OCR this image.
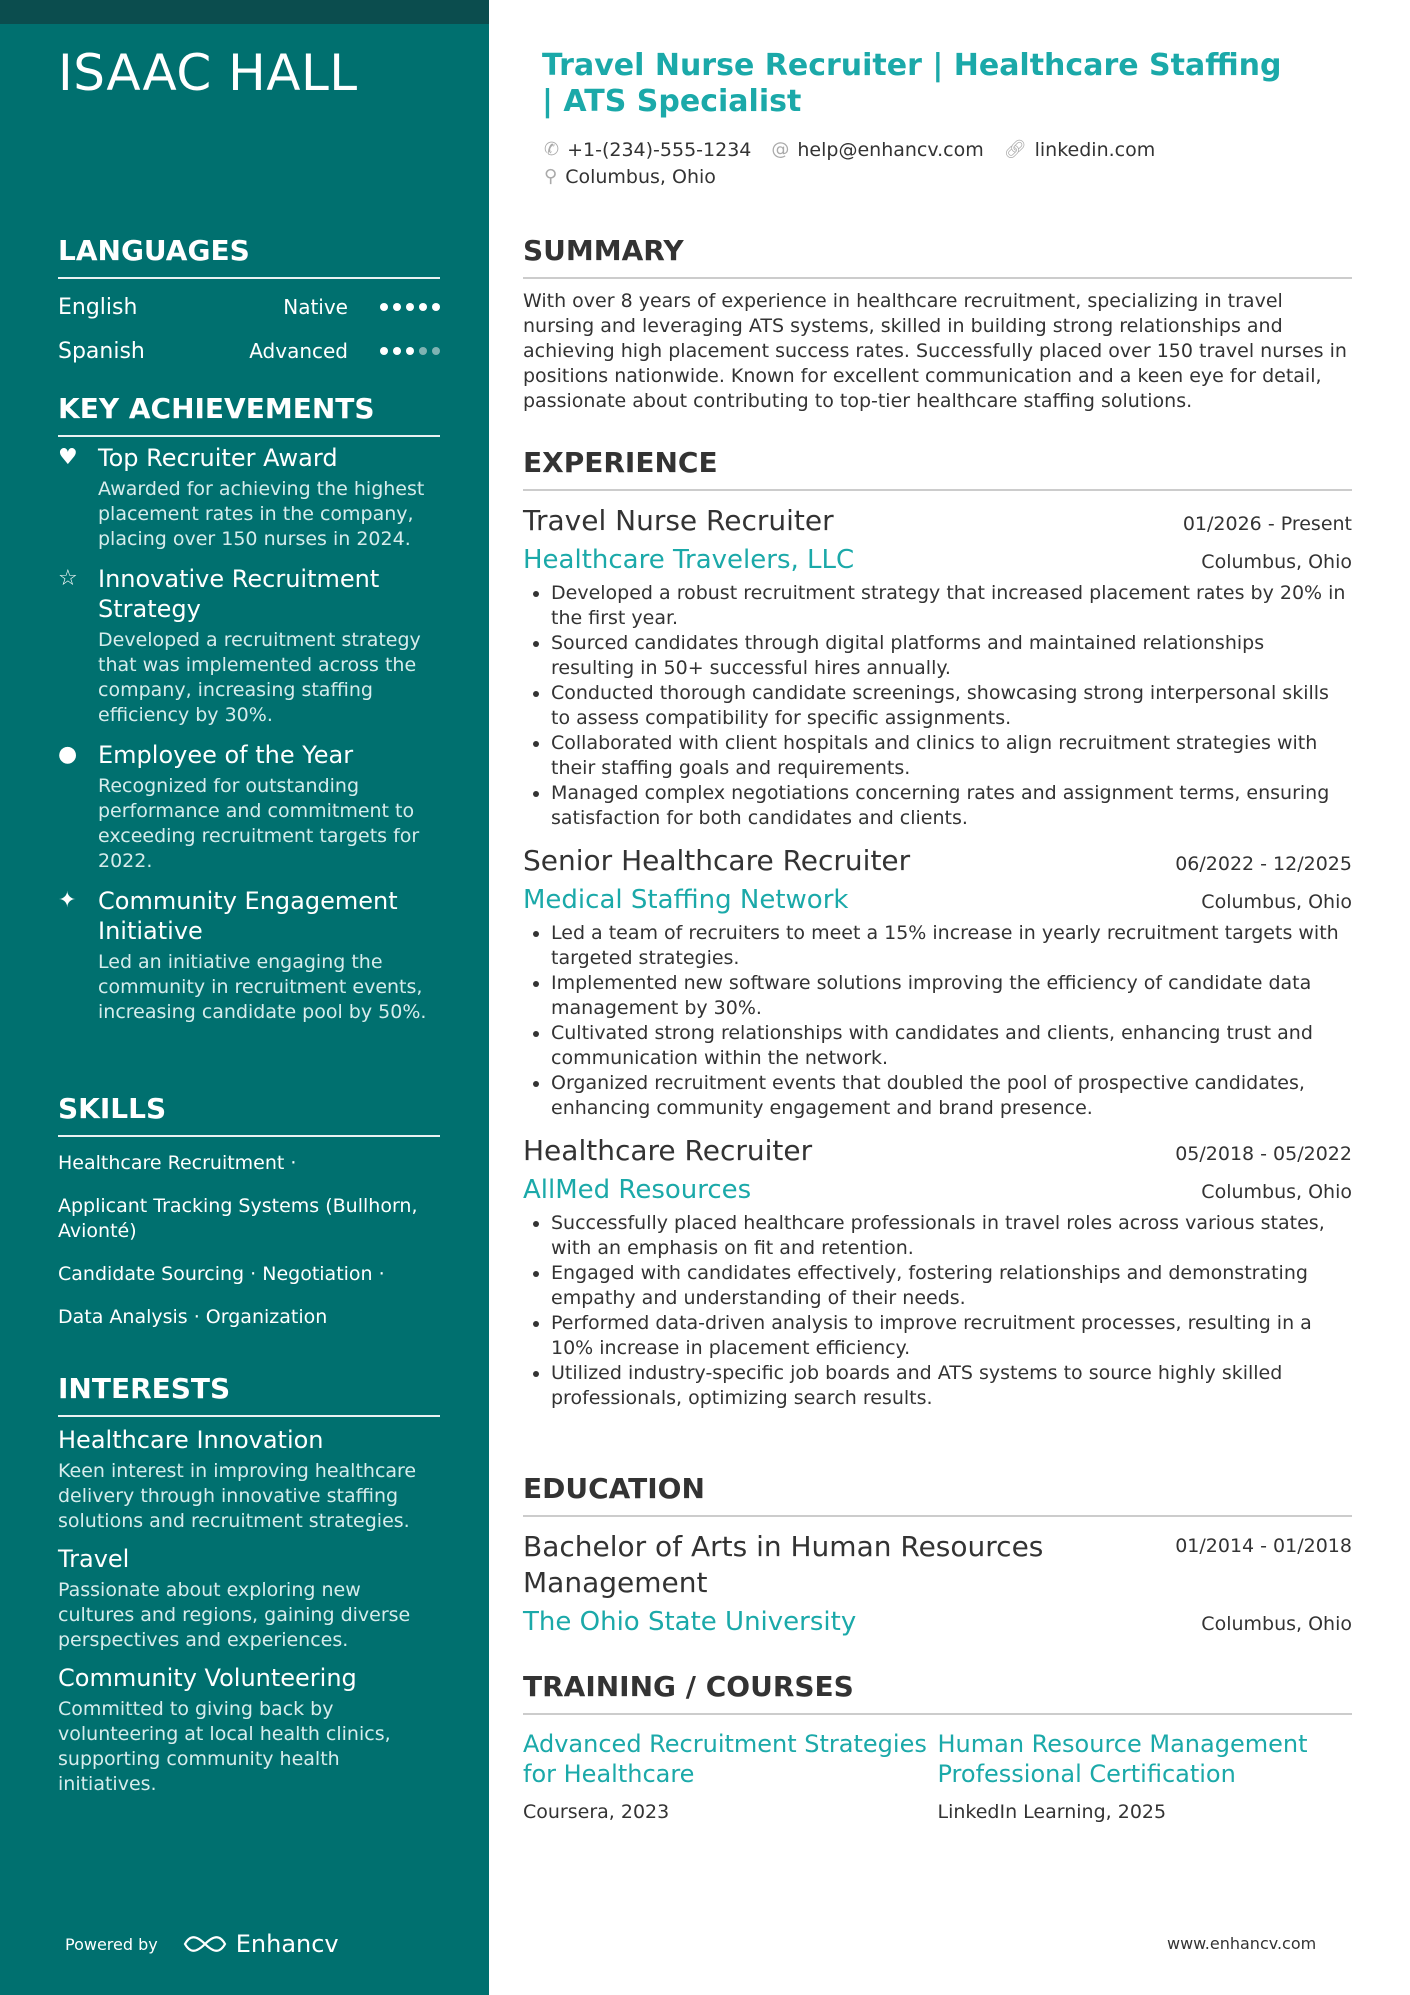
ISAAC HALL
LANGUAGES
English	Native
Spanish	Advanced
KEY ACHIEVEMENTS
♥ Top Recruiter Award
Awarded for achieving the highest placement rates in the company, placing over 150 nurses in 2024.
☆ Innovative Recruitment Strategy
Developed a recruitment strategy that was implemented across the company, increasing staffing efficiency by 30%.
● Employee of the Year
Recognized for outstanding performance and commitment to exceeding recruitment targets for 2022.
✦ Community Engagement Initiative
Led an initiative engaging the community in recruitment events, increasing candidate pool by 50%.
SKILLS
Healthcare Recruitment ·
Applicant Tracking Systems (Bullhorn, Avionté)
Candidate Sourcing · Negotiation ·
Data Analysis · Organization
INTERESTS
Healthcare Innovation
Keen interest in improving healthcare delivery through innovative staffing solutions and recruitment strategies.
Travel
Passionate about exploring new cultures and regions, gaining diverse perspectives and experiences.
Community Volunteering
Committed to giving back by volunteering at local health clinics, supporting community health initiatives.
Powered by	Enhancv
Travel Nurse Recruiter | Healthcare Staffing | ATS Specialist
✆ +1-(234)-555-1234 @ help@enhancv.com 🔗︎ linkedin.com
⚲ Columbus, Ohio
SUMMARY
With over 8 years of experience in healthcare recruitment, specializing in travel nursing and leveraging ATS systems, skilled in building strong relationships and achieving high placement success rates. Successfully placed over 150 travel nurses in positions nationwide. Known for excellent communication and a keen eye for detail, passionate about contributing to top-tier healthcare staffing solutions.
EXPERIENCE
Travel Nurse Recruiter	01/2026 - Present
Healthcare Travelers, LLC	Columbus, Ohio
• Developed a robust recruitment strategy that increased placement rates by 20% in the first year.
• Sourced candidates through digital platforms and maintained relationships resulting in 50+ successful hires annually.
• Conducted thorough candidate screenings, showcasing strong interpersonal skills to assess compatibility for specific assignments.
• Collaborated with client hospitals and clinics to align recruitment strategies with their staffing goals and requirements.
• Managed complex negotiations concerning rates and assignment terms, ensuring satisfaction for both candidates and clients.
Senior Healthcare Recruiter	06/2022 - 12/2025
Medical Staffing Network	Columbus, Ohio
• Led a team of recruiters to meet a 15% increase in yearly recruitment targets with targeted strategies.
• Implemented new software solutions improving the efficiency of candidate data management by 30%.
• Cultivated strong relationships with candidates and clients, enhancing trust and communication within the network.
• Organized recruitment events that doubled the pool of prospective candidates, enhancing community engagement and brand presence.
Healthcare Recruiter	05/2018 - 05/2022
AllMed Resources	Columbus, Ohio
• Successfully placed healthcare professionals in travel roles across various states, with an emphasis on fit and retention.
• Engaged with candidates effectively, fostering relationships and demonstrating empathy and understanding of their needs.
• Performed data-driven analysis to improve recruitment processes, resulting in a 10% increase in placement efficiency.
• Utilized industry-specific job boards and ATS systems to source highly skilled professionals, optimizing search results.
EDUCATION
Bachelor of Arts in Human Resources Management
01/2014 - 01/2018
The Ohio State University	Columbus, Ohio
TRAINING / COURSES
Advanced Recruitment Strategies for Healthcare
Coursera, 2023
Human Resource Management Professional Certification
LinkedIn Learning, 2025
www.enhancv.com
